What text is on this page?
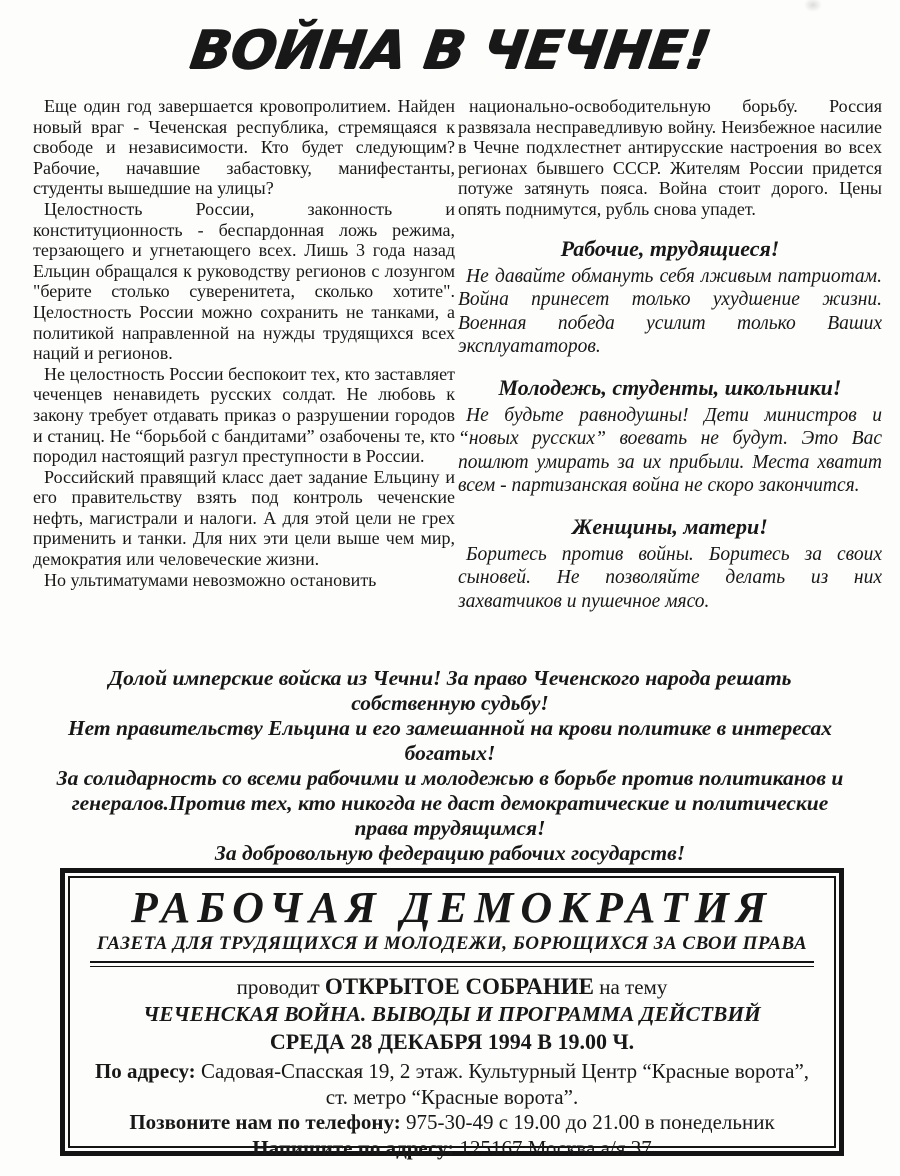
ВОЙНА В ЧЕЧНЕ!

Еще один год завершается кровопролитием. Найден новый враг - Чеченская республика, стремящаяся к свободе и независимости. Кто будет следующим? Рабочие, начавшие забастовку, манифестанты, студенты вышедшие на улицы?

Целостность России, законность и конституционность - беспардонная ложь режима, терзающего и угнетающего всех. Лишь 3 года назад Ельцин обращался к руководству регионов с лозунгом "берите столько суверенитета, сколько хотите". Целостность России можно сохранить не танками, а политикой направленной на нужды трудящихся всех наций и регионов.

Не целостность России беспокоит тех, кто заставляет чеченцев ненавидеть русских солдат. Не любовь к закону требует отдавать приказ о разрушении городов и станиц. Не “борьбой с бандитами” озабочены те, кто породил настоящий разгул преступности в России.

Российский правящий класс дает задание Ельцину и его правительству взять под контроль чеченские нефть, магистрали и налоги. А для этой цели не грех применить и танки. Для них эти цели выше чем мир, демократия или человеческие жизни.

Но ультиматумами невозможно остановить

национально-освободительную борьбу. Россия развязала несправедливую войну. Неизбежное насилие в Чечне подхлестнет антирусские настроения во всех регионах бывшего СССР. Жителям России придется потуже затянуть пояса. Война стоит дорого. Цены опять поднимутся, рубль снова упадет.

Рабочие, трудящиеся!

Не давайте обмануть себя лживым патриотам. Война принесет только ухудшение жизни. Военная победа усилит только Ваших эксплуататоров.

Молодежь, студенты, школьники!

Не будьте равнодушны! Дети министров и “новых русских” воевать не будут. Это Вас пошлют умирать за их прибыли. Места хватит всем - партизанская война не скоро закончится.

Женщины, матери!

Боритесь против войны. Боритесь за своих сыновей. Не позволяйте делать из них захватчиков и пушечное мясо.

Долой имперские войска из Чечни! За право Чеченского народа решать собственную судьбу!

Нет правительству Ельцина и его замешанной на крови политике в интересах богатых!

За солидарность со всеми рабочими и молодежью в борьбе против политиканов и генералов.Против тех, кто никогда не даст демократические и политические права трудящимся!

За добровольную федерацию рабочих государств!

РАБОЧАЯ ДЕМОКРАТИЯ
ГАЗЕТА ДЛЯ ТРУДЯЩИХСЯ И МОЛОДЕЖИ, БОРЮЩИХСЯ ЗА СВОИ ПРАВА

проводит ОТКРЫТОЕ СОБРАНИЕ на тему

ЧЕЧЕНСКАЯ ВОЙНА. ВЫВОДЫ И ПРОГРАММА ДЕЙСТВИЙ

СРЕДА 28 ДЕКАБРЯ 1994 В 19.00 Ч.

По адресу: Садовая-Спасская 19, 2 этаж. Культурный Центр “Красные ворота”, ст. метро “Красные ворота”.

Позвоните нам по телефону: 975-30-49 с 19.00 до 21.00 в понедельник

Напишите по адресу: 125167 Москва а/я 37
